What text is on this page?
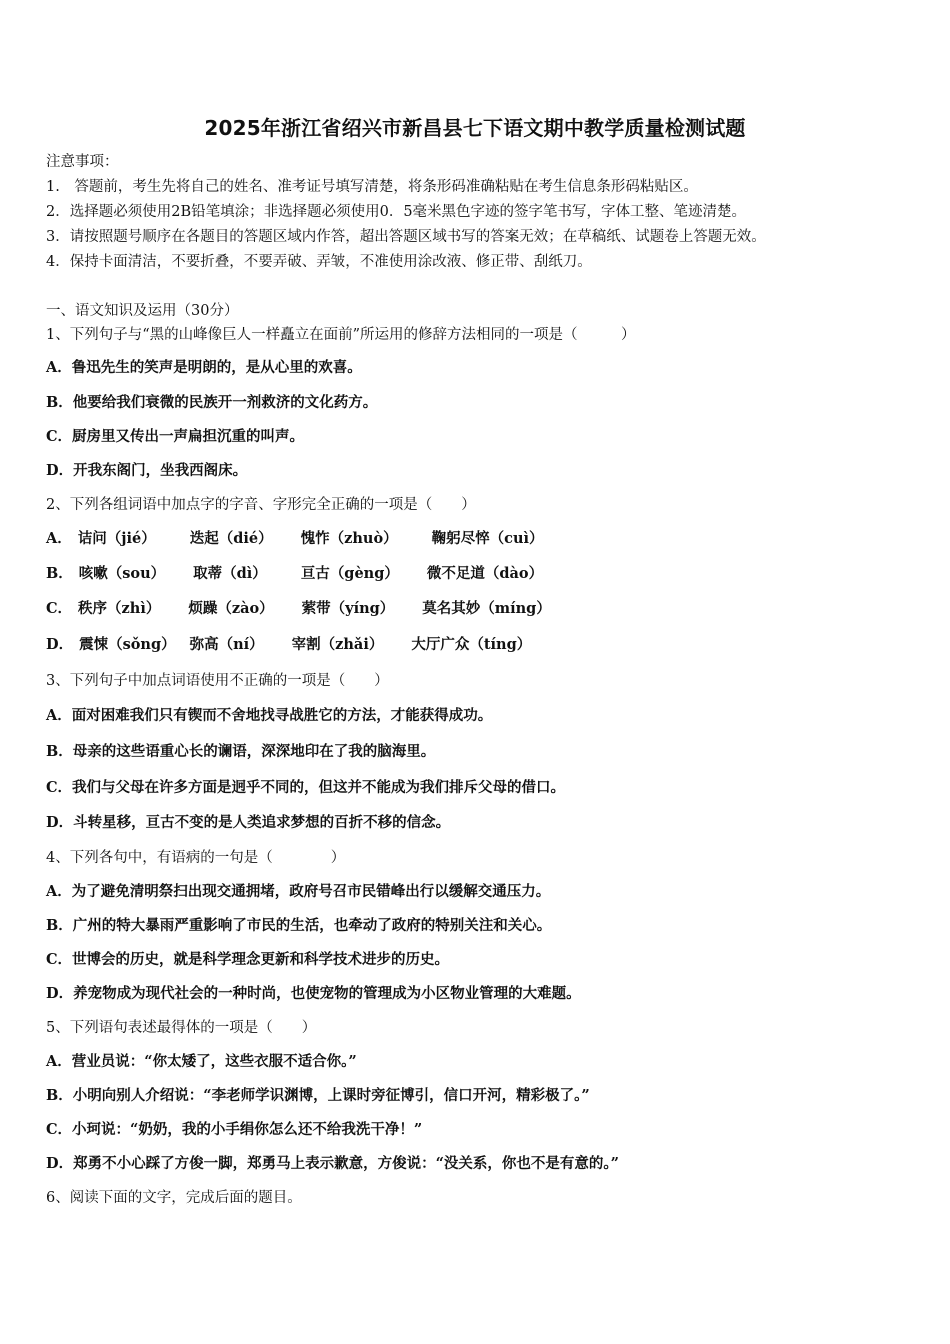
2025年浙江省绍兴市新昌县七下语文期中教学质量检测试题
注意事项：
1.　答题前，考生先将自己的姓名、准考证号填写清楚，将条形码准确粘贴在考生信息条形码粘贴区。
2．选择题必须使用2B铅笔填涂；非选择题必须使用0．5毫米黑色字迹的签字笔书写，字体工整、笔迹清楚。
3．请按照题号顺序在各题目的答题区域内作答，超出答题区域书写的答案无效；在草稿纸、试题卷上答题无效。
4．保持卡面清洁，不要折叠，不要弄破、弄皱，不准使用涂改液、修正带、刮纸刀。
一、语文知识及运用（30分）
1、下列句子与“黑的山峰像巨人一样矗立在面前”所运用的修辞方法相同的一项是（　　　）
A．鲁迅先生的笑声是明朗的，是从心里的欢喜。
B．他要给我们衰微的民族开一剂救济的文化药方。
C．厨房里又传出一声扁担沉重的叫声。
D．开我东阁门，坐我西阁床。
2、下列各组词语中加点字的字音、字形完全正确的一项是（　　）
A． 诘问（jié） 迭起（dié） 愧怍（zhuò） 鞠躬尽悴（cuì）
B． 咳嗽（sou） 取蒂（dì） 亘古（gèng） 微不足道（dào）
C． 秩序（zhì） 烦躁（zào） 萦带（yíng） 莫名其妙（míng）
D． 震悚（sǒng） 弥高（ní） 宰割（zhǎi） 大厅广众（tíng）
3、下列句子中加点词语使用不正确的一项是（　　）
A．面对困难我们只有锲而不舍地找寻战胜它的方法，才能获得成功。
B．母亲的这些语重心长的谰语，深深地印在了我的脑海里。
C．我们与父母在许多方面是迥乎不同的，但这并不能成为我们排斥父母的借口。
D．斗转星移，亘古不变的是人类追求梦想的百折不移的信念。
4、下列各句中，有语病的一句是（　　　　）
A．为了避免清明祭扫出现交通拥堵，政府号召市民错峰出行以缓解交通压力。
B．广州的特大暴雨严重影响了市民的生活，也牵动了政府的特别关注和关心。
C．世博会的历史，就是科学理念更新和科学技术进步的历史。
D．养宠物成为现代社会的一种时尚，也使宠物的管理成为小区物业管理的大难题。
5、下列语句表述最得体的一项是（　　）
A．营业员说：“你太矮了，这些衣服不适合你。”
B．小明向别人介绍说：“李老师学识渊博，上课时旁征博引，信口开河，精彩极了。”
C．小珂说：“奶奶，我的小手绢你怎么还不给我洗干净！”
D．郑勇不小心踩了方俊一脚，郑勇马上表示歉意，方俊说：“没关系，你也不是有意的。”
6、阅读下面的文字，完成后面的题目。
